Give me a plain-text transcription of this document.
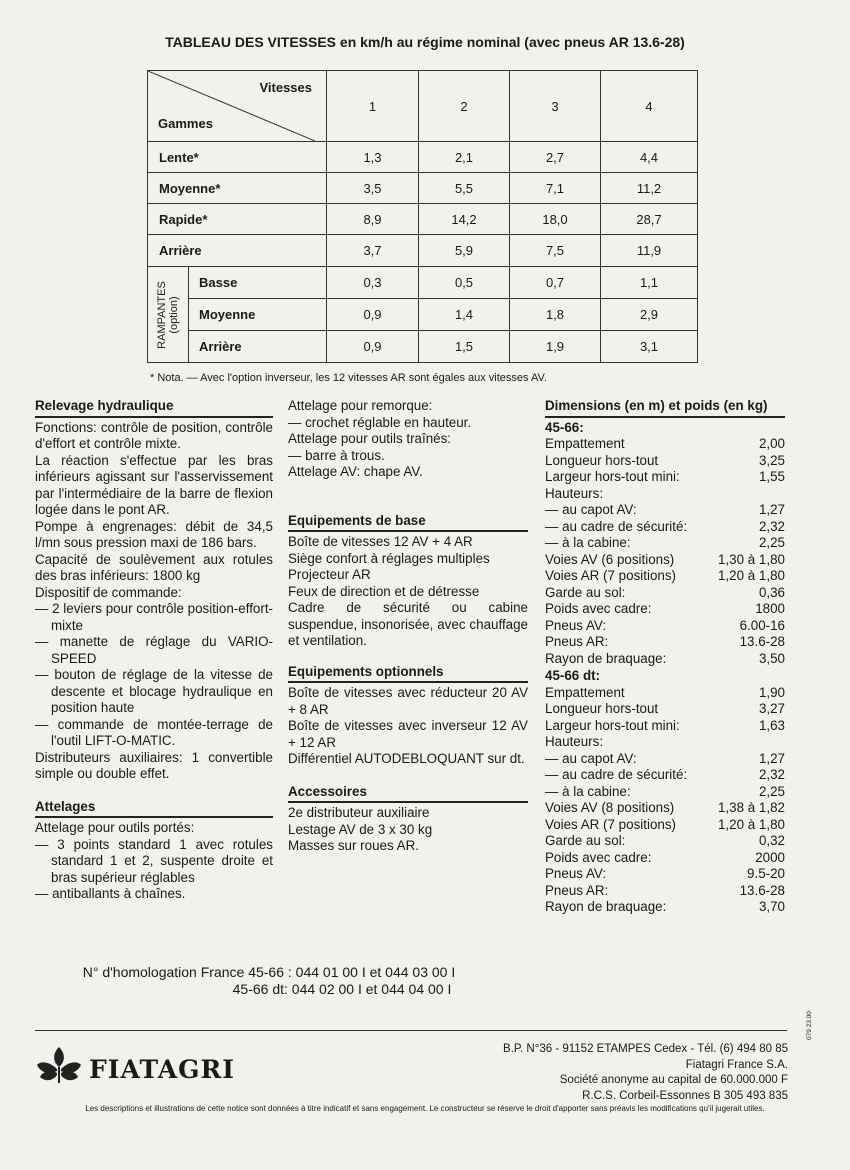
TABLEAU DES VITESSES en km/h au régime nominal (avec pneus AR 13.6-28)
Vitesses
Gammes		1	2	3	4
Lente*		1,3	2,1	2,7	4,4
Moyenne*		3,5	5,5	7,1	11,2
Rapide*		8,9	14,2	18,0	28,7
Arrière		3,7	5,9	7,5	11,9

RAMPANTES (option)	Basse	0,3	0,5	0,7	1,1
	Moyenne	0,9	1,4	1,8	2,9
	Arrière	0,9	1,5	1,9	3,1
* Nota. — Avec l'option inverseur, les 12 vitesses AR sont égales aux vitesses AV.
Relevage hydraulique
Fonctions: contrôle de position, contrôle d'effort et contrôle mixte.
La réaction s'effectue par les bras inférieurs agissant sur l'asservissement par l'intermédiaire de la barre de flexion logée dans le pont AR.
Pompe à engrenages: débit de 34,5 l/mn sous pression maxi de 186 bars.
Capacité de soulèvement aux rotules des bras inférieurs: 1800 kg
Dispositif de commande:
— 2 leviers pour contrôle position-effort-mixte
— manette de réglage du VARIO-SPEED
— bouton de réglage de la vitesse de descente et blocage hydraulique en position haute
— commande de montée-terrage de l'outil LIFT-O-MATIC.
Distributeurs auxiliaires: 1 convertible simple ou double effet.
Attelages
Attelage pour outils portés:
— 3 points standard 1 avec rotules standard 1 et 2, suspente droite et bras supérieur réglables
— antiballants à chaînes.
Attelage pour remorque:
— crochet réglable en hauteur.
Attelage pour outils traînés:
— barre à trous.
Attelage AV: chape AV.
Equipements de base
Boîte de vitesses 12 AV + 4 AR
Siège confort à réglages multiples
Projecteur AR
Feux de direction et de détresse
Cadre de sécurité ou cabine suspendue, insonorisée, avec chauffage et ventilation.
Equipements optionnels
Boîte de vitesses avec réducteur 20 AV + 8 AR
Boîte de vitesses avec inverseur 12 AV + 12 AR
Différentiel AUTODEBLOQUANT sur dt.
Accessoires
2e distributeur auxiliaire
Lestage AV de 3 x 30 kg
Masses sur roues AR.
Dimensions (en m) et poids (en kg)
45-66:
Empattement	2,00
Longueur hors-tout	3,25
Largeur hors-tout mini:	1,55
Hauteurs:
— au capot AV:	1,27
— au cadre de sécurité:	2,32
— à la cabine:	2,25
Voies AV (6 positions)	1,30 à 1,80
Voies AR (7 positions)	1,20 à 1,80
Garde au sol:	0,36
Poids avec cadre:	1800
Pneus AV:	6.00-16
Pneus AR:	13.6-28
Rayon de braquage:	3,50
45-66 dt:
Empattement	1,90
Longueur hors-tout	3,27
Largeur hors-tout mini:	1,63
Hauteurs:
— au capot AV:	1,27
— au cadre de sécurité:	2,32
— à la cabine:	2,25
Voies AV (8 positions)	1,38 à 1,82
Voies AR (7 positions)	1,20 à 1,80
Garde au sol:	0,32
Poids avec cadre:	2000
Pneus AV:	9.5-20
Pneus AR:	13.6-28
Rayon de braquage:	3,70
N° d'homologation France 45-66 : 044 01 00 I et 044 03 00 I
45-66 dt: 044 02 00 I et 044 04 00 I
FIATAGRI
B.P. N°36 - 91152 ETAMPES Cedex - Tél. (6) 494 80 85
Fiatagri France S.A.
Société anonyme au capital de 60.000.000 F
R.C.S. Corbeil-Essonnes B 305 493 835
079 23.00
Les descriptions et illustrations de cette notice sont données à titre indicatif et sans engagement. Le constructeur se réserve le droit d'apporter sans préavis les modifications qu'il jugerait utiles.
